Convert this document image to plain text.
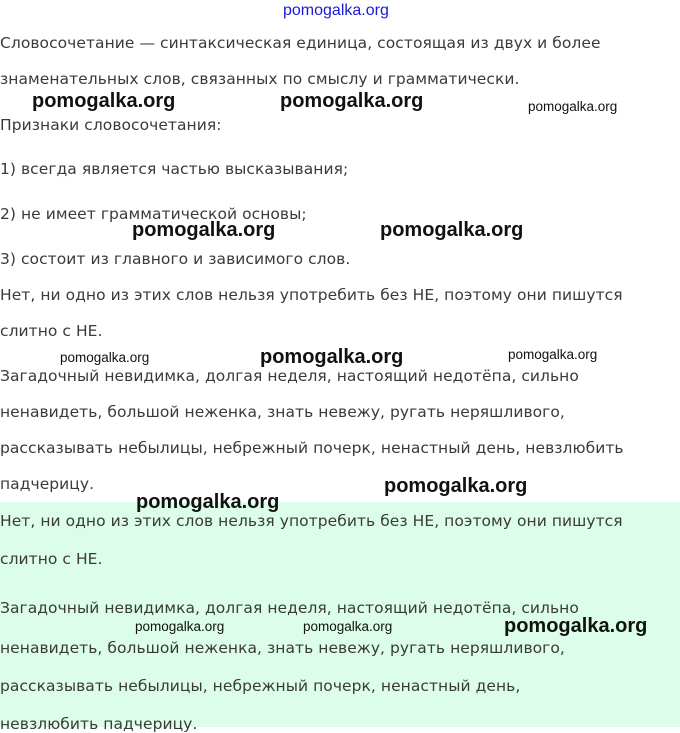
pomogalka.org

Словосочетание — синтаксическая единица, состоящая из двух и более

знаменательных слов, связанных по смыслу и грамматически.

Признаки словосочетания:

1) всегда является частью высказывания;

2) не имеет грамматической основы;

3) состоит из главного и зависимого слов.

Нет, ни одно из этих слов нельзя употребить без НЕ, поэтому они пишутся

слитно с НЕ.

Загадочный невидимка, долгая неделя, настоящий недотёпа, сильно

ненавидеть, большой неженка, знать невежу, ругать неряшливого,

рассказывать небылицы, небрежный почерк, ненастный день, невзлюбить

падчерицу.

Нет, ни одно из этих слов нельзя употребить без НЕ, поэтому они пишутся

слитно с НЕ.

Загадочный невидимка, долгая неделя, настоящий недотёпа, сильно

ненавидеть, большой неженка, знать невежу, ругать неряшливого,

рассказывать небылицы, небрежный почерк, ненастный день,

невзлюбить падчерицу.

pomogalka.org	pomogalka.org	pomogalka.org
pomogalka.org	pomogalka.org
pomogalka.org	pomogalka.org	pomogalka.org
pomogalka.org
pomogalka.org
pomogalka.org	pomogalka.org	pomogalka.org
